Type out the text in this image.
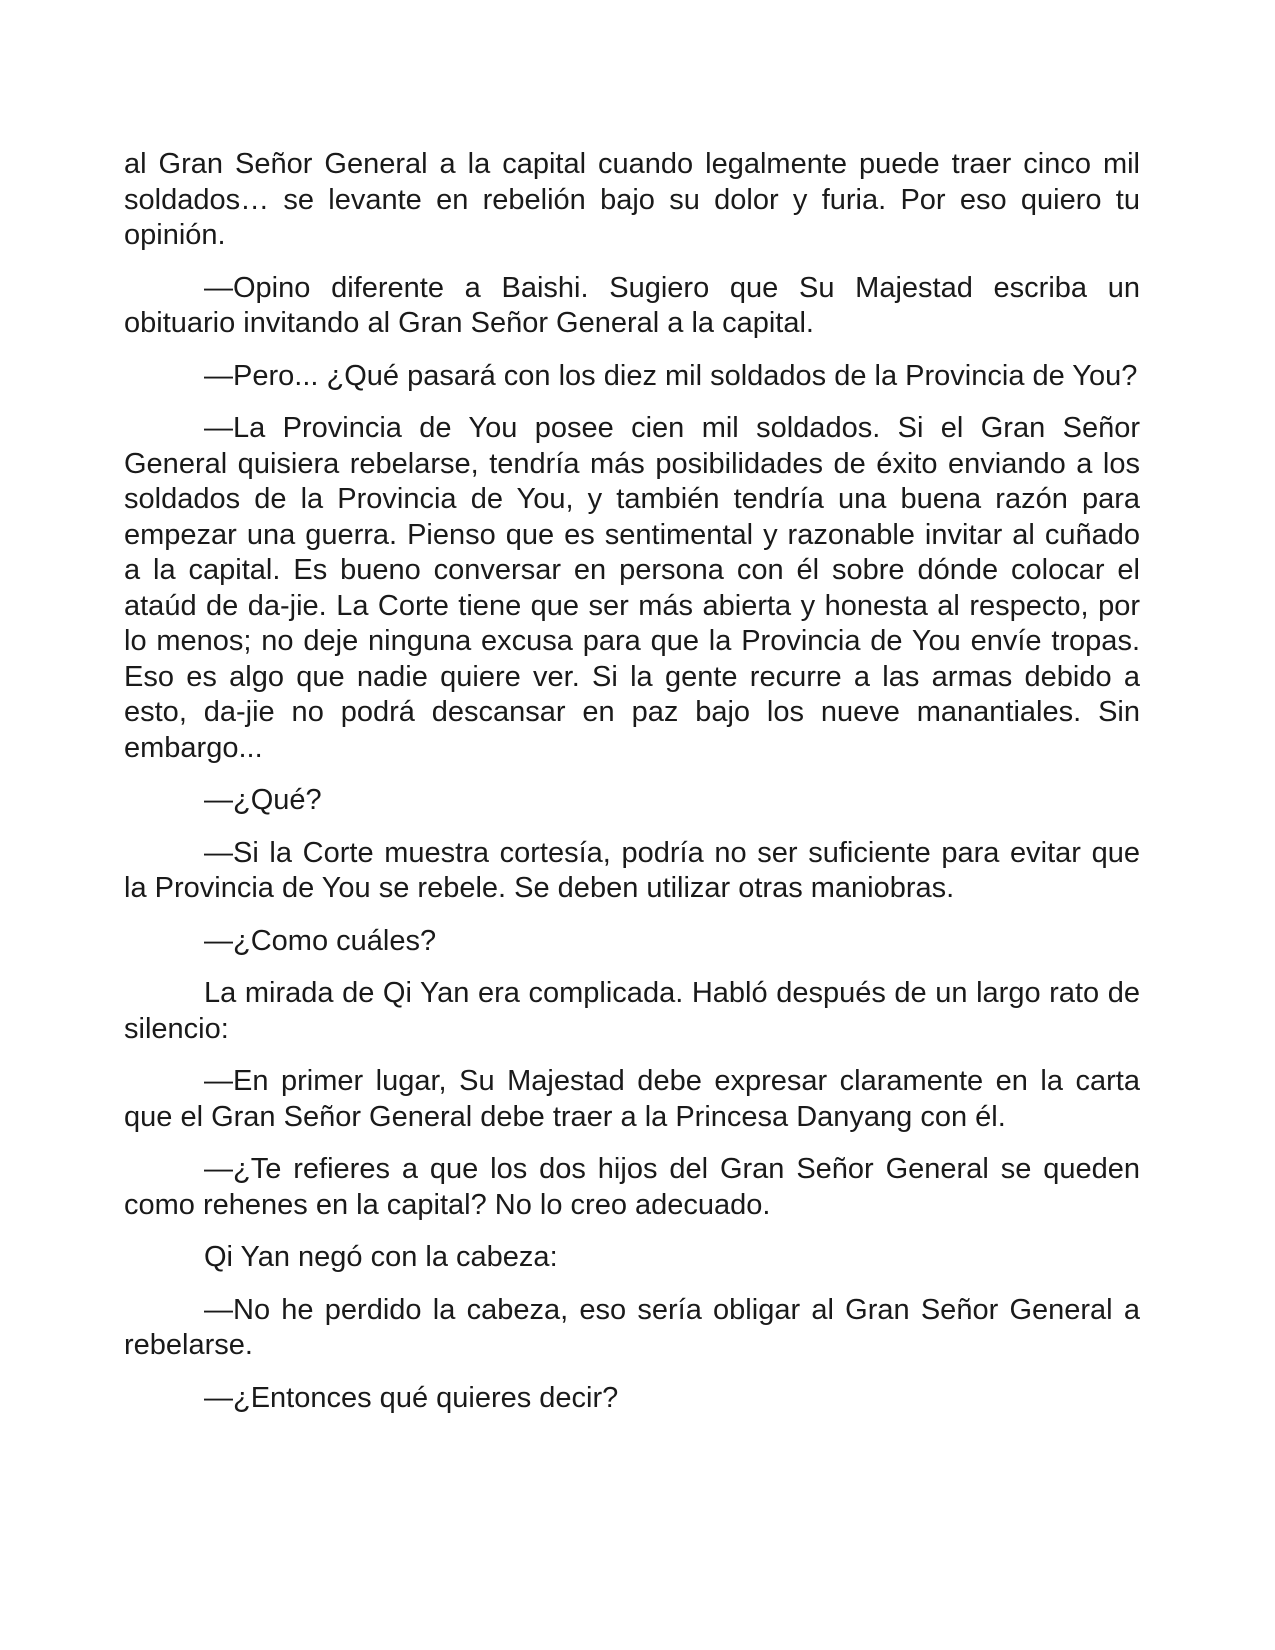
al Gran Señor General a la capital cuando legalmente puede traer cinco mil soldados… se levante en rebelión bajo su dolor y furia. Por eso quiero tu opinión.

—Opino diferente a Baishi. Sugiero que Su Majestad escriba un obituario invitando al Gran Señor General a la capital.

—Pero... ¿Qué pasará con los diez mil soldados de la Provincia de You?

—La Provincia de You posee cien mil soldados. Si el Gran Señor General quisiera rebelarse, tendría más posibilidades de éxito enviando a los soldados de la Provincia de You, y también tendría una buena razón para empezar una guerra. Pienso que es sentimental y razonable invitar al cuñado a la capital. Es bueno conversar en persona con él sobre dónde colocar el ataúd de da-jie. La Corte tiene que ser más abierta y honesta al respecto, por lo menos; no deje ninguna excusa para que la Provincia de You envíe tropas. Eso es algo que nadie quiere ver. Si la gente recurre a las armas debido a esto, da-jie no podrá descansar en paz bajo los nueve manantiales. Sin embargo...

—¿Qué?

—Si la Corte muestra cortesía, podría no ser suficiente para evitar que la Provincia de You se rebele. Se deben utilizar otras maniobras.

—¿Como cuáles?

La mirada de Qi Yan era complicada. Habló después de un largo rato de silencio:

—En primer lugar, Su Majestad debe expresar claramente en la carta que el Gran Señor General debe traer a la Princesa Danyang con él.

—¿Te refieres a que los dos hijos del Gran Señor General se queden como rehenes en la capital? No lo creo adecuado.

Qi Yan negó con la cabeza:

—No he perdido la cabeza, eso sería obligar al Gran Señor General a rebelarse.

—¿Entonces qué quieres decir?
